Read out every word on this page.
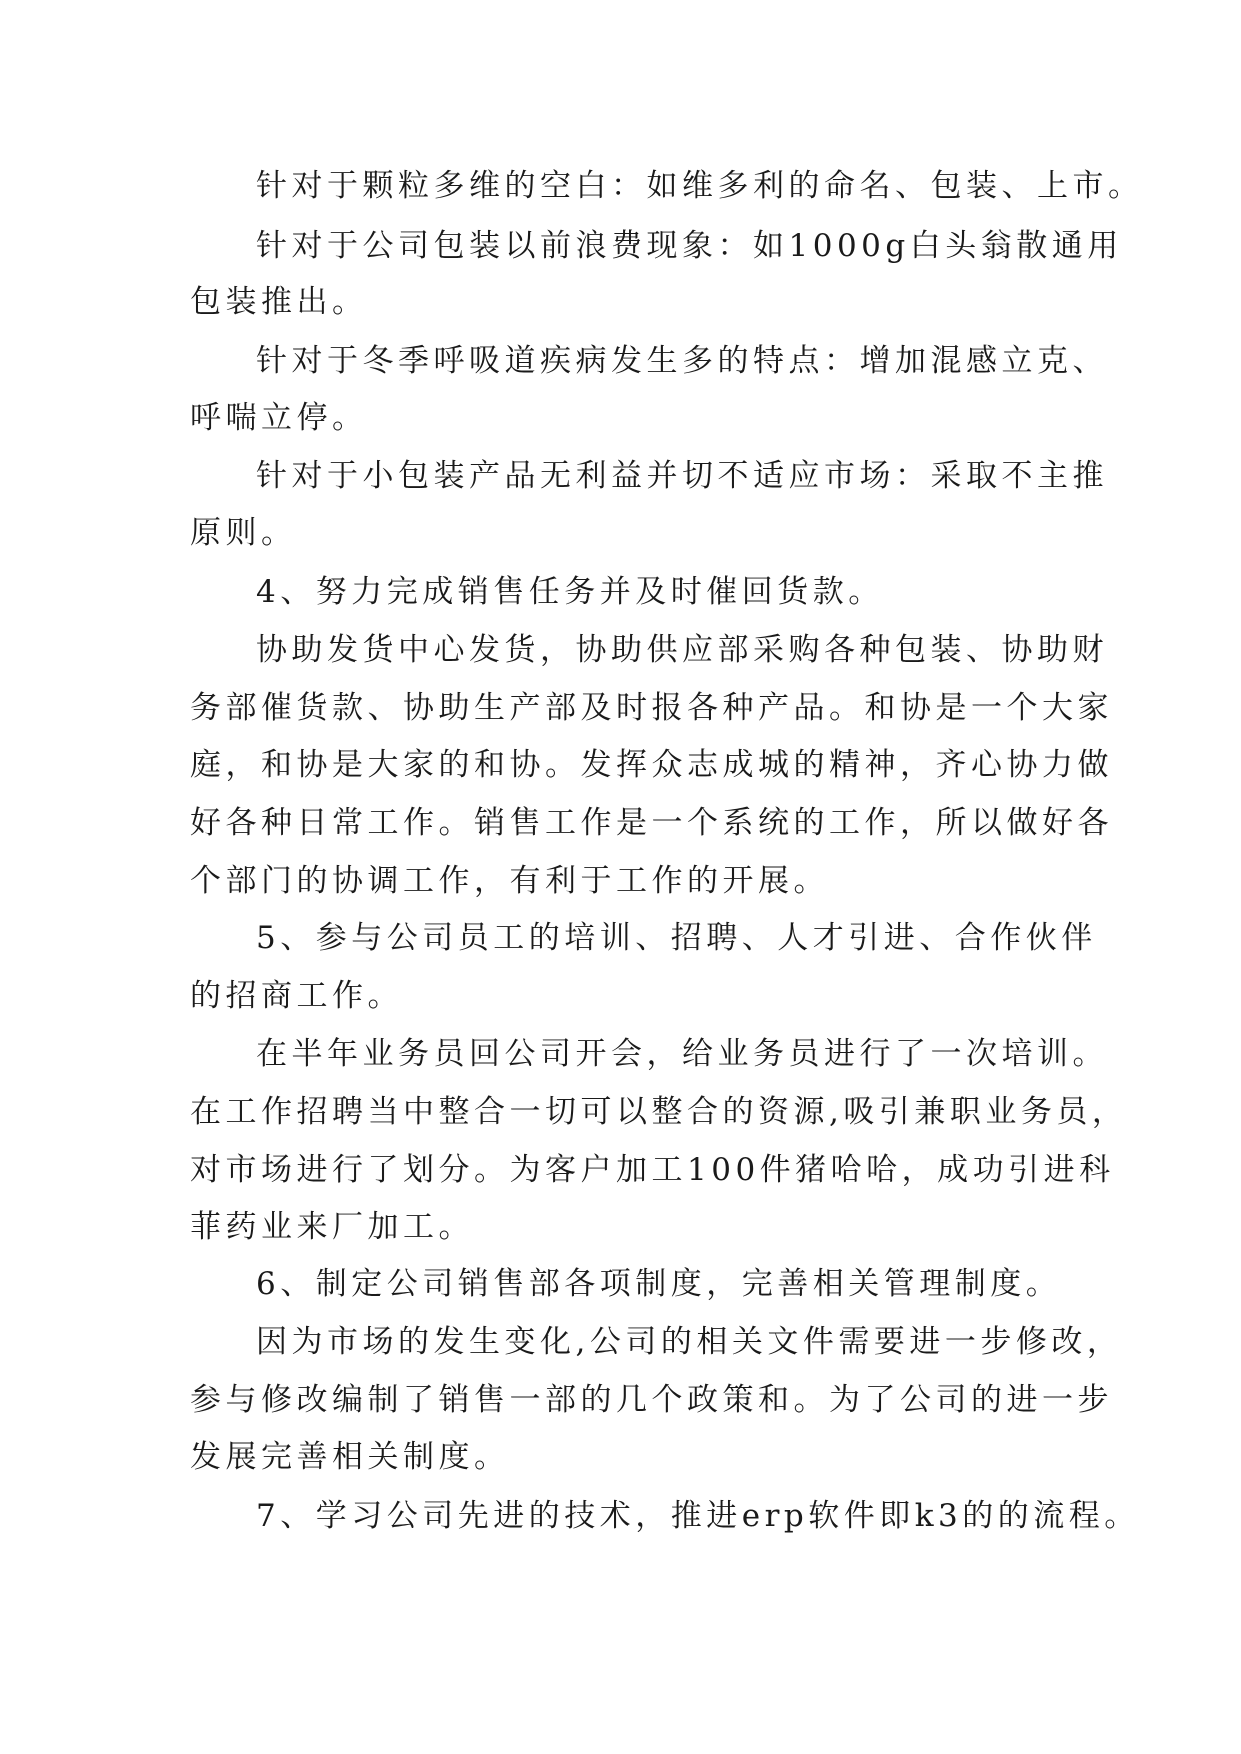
针对于颗粒多维的空白：如维多利的命名、包装、上市。
针对于公司包装以前浪费现象：如1000g白头翁散通用
包装推出。
针对于冬季呼吸道疾病发生多的特点：增加混感立克、
呼喘立停。
针对于小包装产品无利益并切不适应市场：采取不主推
原则。
4、努力完成销售任务并及时催回货款。
协助发货中心发货，协助供应部采购各种包装、协助财
务部催货款、协助生产部及时报各种产品。和协是一个大家
庭，和协是大家的和协。发挥众志成城的精神，齐心协力做
好各种日常工作。销售工作是一个系统的工作，所以做好各
个部门的协调工作，有利于工作的开展。
5、参与公司员工的培训、招聘、人才引进、合作伙伴
的招商工作。
在半年业务员回公司开会，给业务员进行了一次培训。
在工作招聘当中整合一切可以整合的资源,吸引兼职业务员，
对市场进行了划分。为客户加工100件猪哈哈，成功引进科
菲药业来厂加工。
6、制定公司销售部各项制度，完善相关管理制度。
因为市场的发生变化,公司的相关文件需要进一步修改，
参与修改编制了销售一部的几个政策和。为了公司的进一步
发展完善相关制度。
7、学习公司先进的技术，推进erp软件即k3的的流程。
